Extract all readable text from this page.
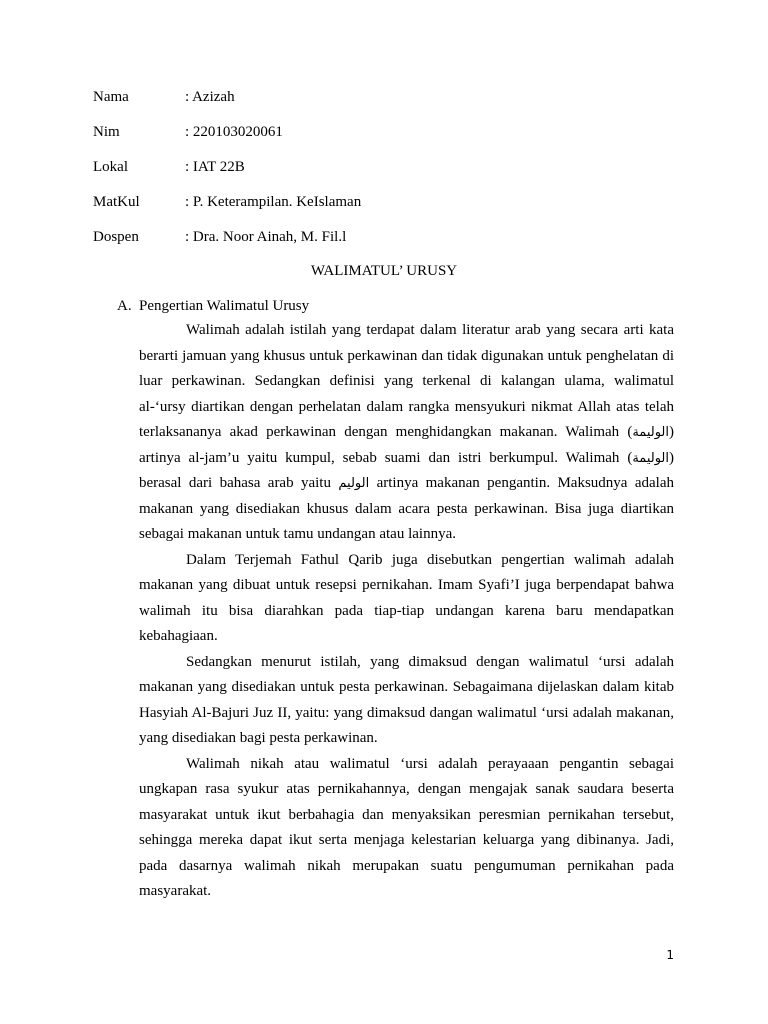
Nama	: Azizah
Nim	: 220103020061
Lokal	: IAT 22B
MatKul	: P. Keterampilan. KeIslaman
Dospen	: Dra. Noor Ainah, M. Fil.l
WALIMATUL’ URUSY
A. Pengertian Walimatul Urusy

Walimah adalah istilah yang terdapat dalam literatur arab yang secara arti kata berarti jamuan yang khusus untuk perkawinan dan tidak digunakan untuk penghelatan di luar perkawinan. Sedangkan definisi yang terkenal di kalangan ulama, walimatul al-‘ursy diartikan dengan perhelatan dalam rangka mensyukuri nikmat Allah atas telah terlaksananya akad perkawinan dengan menghidangkan makanan. Walimah (الوليمة) artinya al-jam’u yaitu kumpul, sebab suami dan istri berkumpul. Walimah (الوليمة) berasal dari bahasa arab yaitu الوليم artinya makanan pengantin. Maksudnya adalah makanan yang disediakan khusus dalam acara pesta perkawinan. Bisa juga diartikan sebagai makanan untuk tamu undangan atau lainnya.

Dalam Terjemah Fathul Qarib juga disebutkan pengertian walimah adalah makanan yang dibuat untuk resepsi pernikahan. Imam Syafi’I juga berpendapat bahwa walimah itu bisa diarahkan pada tiap-tiap undangan karena baru mendapatkan kebahagiaan.

Sedangkan menurut istilah, yang dimaksud dengan walimatul ‘ursi adalah makanan yang disediakan untuk pesta perkawinan. Sebagaimana dijelaskan dalam kitab Hasyiah Al-Bajuri Juz II, yaitu: yang dimaksud dangan walimatul ‘ursi adalah makanan, yang disediakan bagi pesta perkawinan.

Walimah nikah atau walimatul ‘ursi adalah perayaaan pengantin sebagai ungkapan rasa syukur atas pernikahannya, dengan mengajak sanak saudara beserta masyarakat untuk ikut berbahagia dan menyaksikan peresmian pernikahan tersebut, sehingga mereka dapat ikut serta menjaga kelestarian keluarga yang dibinanya. Jadi, pada dasarnya walimah nikah merupakan suatu pengumuman pernikahan pada masyarakat.

1
